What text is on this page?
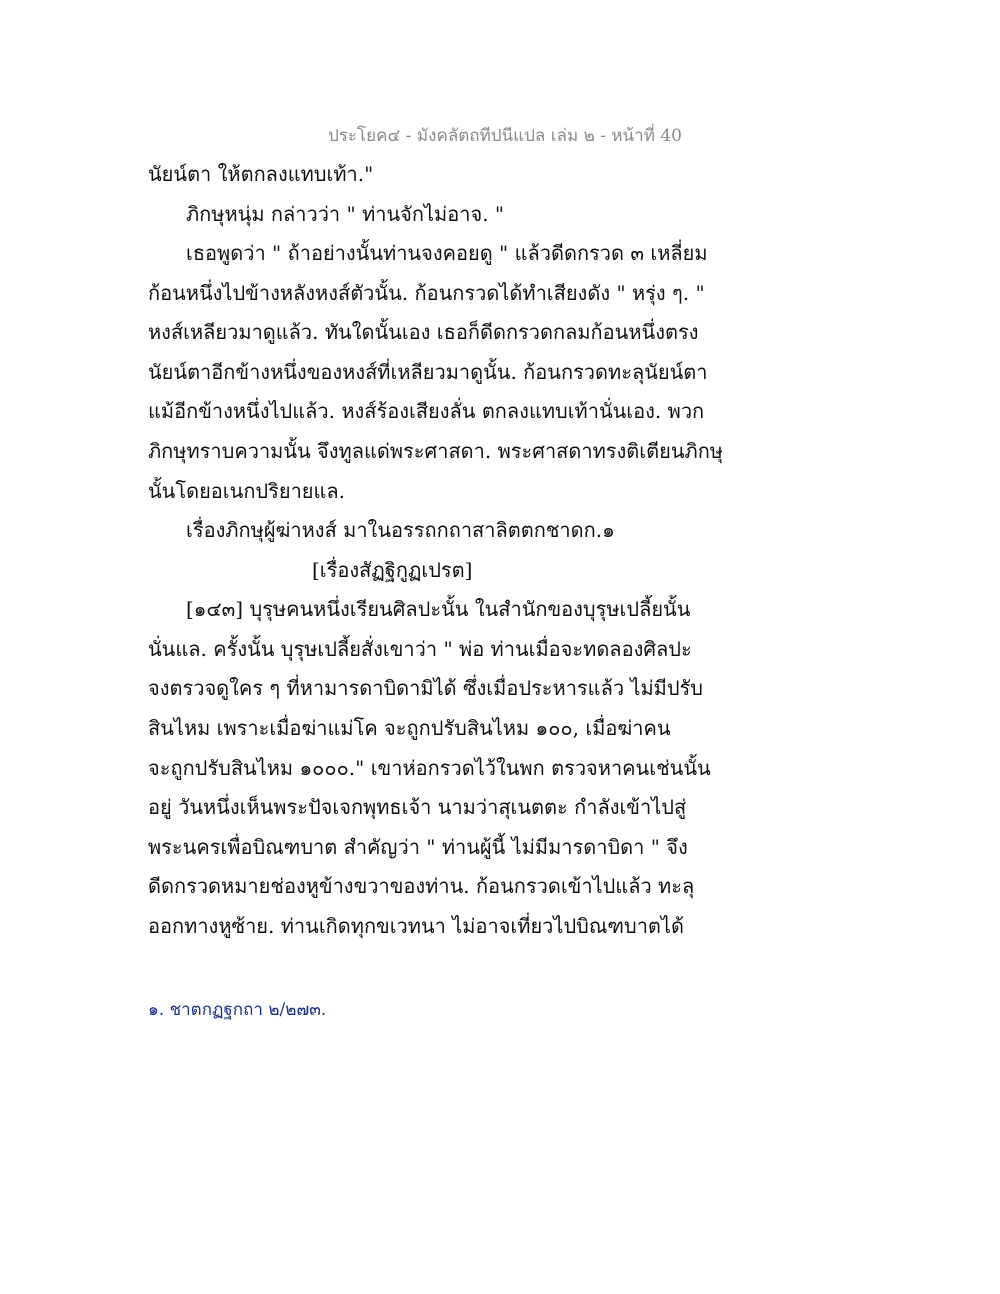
ประโยค๔ - มังคลัตถทีปนีแปล เล่ม ๒ - หน้าที่ 40
นัยน์ตา ให้ตกลงแทบเท้า."
ภิกษุหนุ่ม กล่าวว่า " ท่านจักไม่อาจ. "
เธอพูดว่า " ถ้าอย่างนั้นท่านจงคอยดู " แล้วดีดกรวด ๓ เหลี่ยม
ก้อนหนึ่งไปข้างหลังหงส์ตัวนั้น. ก้อนกรวดได้ทำเสียงดัง " หรุ่ง ๆ. "
หงส์เหลียวมาดูแล้ว. ทันใดนั้นเอง เธอก็ดีดกรวดกลมก้อนหนึ่งตรง
นัยน์ตาอีกข้างหนึ่งของหงส์ที่เหลียวมาดูนั้น. ก้อนกรวดทะลุนัยน์ตา
แม้อีกข้างหนึ่งไปแล้ว. หงส์ร้องเสียงลั่น ตกลงแทบเท้านั่นเอง. พวก
ภิกษุทราบความนั้น จึงทูลแด่พระศาสดา. พระศาสดาทรงติเตียนภิกษุ
นั้นโดยอเนกปริยายแล.
เรื่องภิกษุผู้ฆ่าหงส์ มาในอรรถกถาสาลิตตกชาดก.๑
[เรื่องสัฏฐิกูฏเปรต]
[๑๔๓] บุรุษคนหนึ่งเรียนศิลปะนั้น ในสำนักของบุรุษเปลี้ยนั้น
นั่นแล. ครั้งนั้น บุรุษเปลี้ยสั่งเขาว่า " พ่อ ท่านเมื่อจะทดลองศิลปะ
จงตรวจดูใคร ๆ ที่หามารดาบิดามิได้ ซึ่งเมื่อประหารแล้ว ไม่มีปรับ
สินไหม เพราะเมื่อฆ่าแม่โค จะถูกปรับสินไหม ๑๐๐, เมื่อฆ่าคน
จะถูกปรับสินไหม ๑๐๐๐." เขาห่อกรวดไว้ในพก ตรวจหาคนเช่นนั้น
อยู่ วันหนึ่งเห็นพระปัจเจกพุทธเจ้า นามว่าสุเนตตะ กำลังเข้าไปสู่
พระนครเพื่อบิณฑบาต สำคัญว่า " ท่านผู้นี้ ไม่มีมารดาบิดา " จึง
ดีดกรวดหมายช่องหูข้างขวาของท่าน. ก้อนกรวดเข้าไปแล้ว ทะลุ
ออกทางหูซ้าย. ท่านเกิดทุกขเวทนา ไม่อาจเที่ยวไปบิณฑบาตได้
๑. ชาตกฏฐกถา ๒/๒๗๓.
